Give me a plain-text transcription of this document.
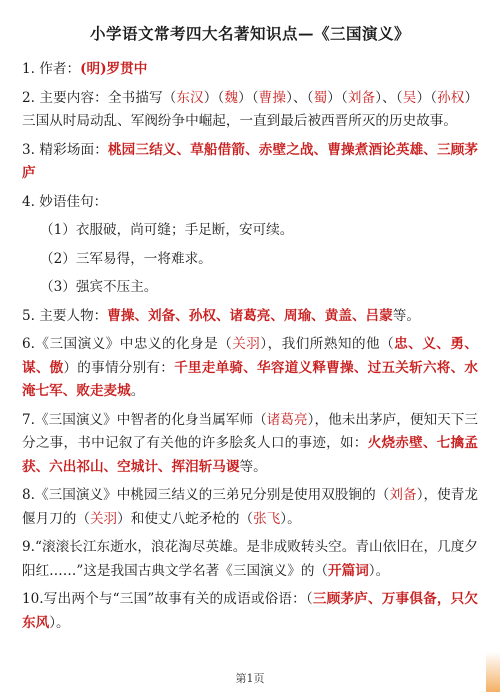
小学语文常考四大名著知识点—《三国演义》
1. 作者：(明)罗贯中
2. 主要内容：全书描写（东汉）（魏）（曹操）、（蜀）（刘备）、（吴）（孙权）三国从时局动乱、军阀纷争中崛起，一直到最后被西晋所灭的历史故事。
3. 精彩场面：桃园三结义、草船借箭、赤壁之战、曹操煮酒论英雄、三顾茅庐
4. 妙语佳句：
（1）衣服破，尚可缝；手足断，安可续。
（2）三军易得，一将难求。
（3）强宾不压主。
5. 主要人物：曹操、刘备、孙权、诸葛亮、周瑜、黄盖、吕蒙等。
6.《三国演义》中忠义的化身是（关羽），我们所熟知的他（忠、义、勇、谋、傲）的事情分别有：千里走单骑、华容道义释曹操、过五关斩六将、水淹七军、败走麦城。
7.《三国演义》中智者的化身当属军师（诸葛亮），他未出茅庐，便知天下三分之事，书中记叙了有关他的许多脍炙人口的事迹，如：火烧赤壁、七擒孟获、六出祁山、空城计、挥泪斩马谡等。
8.《三国演义》中桃园三结义的三弟兄分别是使用双股锏的（刘备），使青龙偃月刀的（关羽）和使丈八蛇矛枪的（张飞）。
9.“滚滚长江东逝水，浪花淘尽英雄。是非成败转头空。青山依旧在，几度夕阳红……”这是我国古典文学名著《三国演义》的（开篇词）。
10.写出两个与“三国”故事有关的成语或俗语：（三顾茅庐、万事俱备，只欠东风）。
第1页
